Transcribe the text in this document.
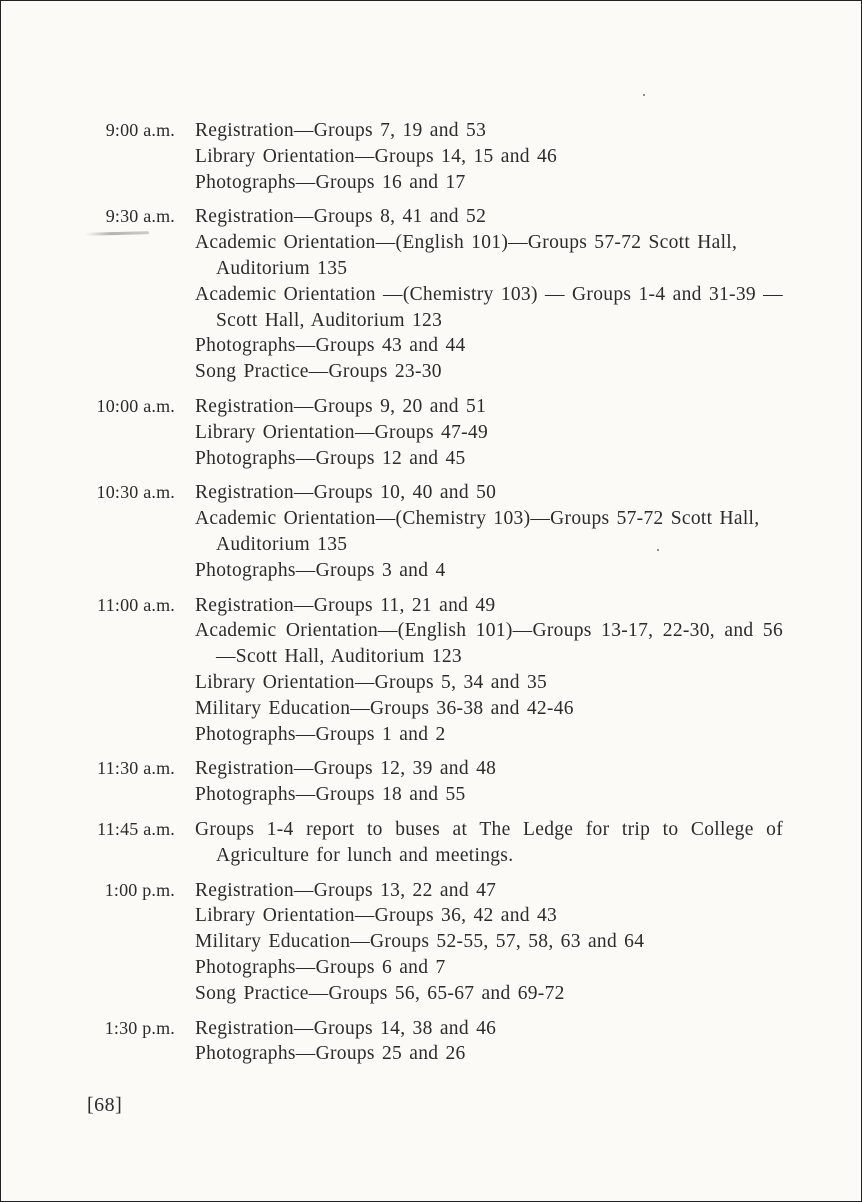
9:00 a.m. Registration—Groups 7, 19 and 53
Library Orientation—Groups 14, 15 and 46
Photographs—Groups 16 and 17
9:30 a.m. Registration—Groups 8, 41 and 52
Academic Orientation—(English 101)—Groups 57-72 Scott Hall, Auditorium 135
Academic Orientation —(Chemistry 103) — Groups 1-4 and 31-39 —Scott Hall, Auditorium 123
Photographs—Groups 43 and 44
Song Practice—Groups 23-30
10:00 a.m. Registration—Groups 9, 20 and 51
Library Orientation—Groups 47-49
Photographs—Groups 12 and 45
10:30 a.m. Registration—Groups 10, 40 and 50
Academic Orientation—(Chemistry 103)—Groups 57-72 Scott Hall, Auditorium 135
Photographs—Groups 3 and 4
11:00 a.m. Registration—Groups 11, 21 and 49
Academic Orientation—(English 101)—Groups 13-17, 22-30, and 56—Scott Hall, Auditorium 123
Library Orientation—Groups 5, 34 and 35
Military Education—Groups 36-38 and 42-46
Photographs—Groups 1 and 2
11:30 a.m. Registration—Groups 12, 39 and 48
Photographs—Groups 18 and 55
11:45 a.m. Groups 1-4 report to buses at The Ledge for trip to College of Agriculture for lunch and meetings.
1:00 p.m. Registration—Groups 13, 22 and 47
Library Orientation—Groups 36, 42 and 43
Military Education—Groups 52-55, 57, 58, 63 and 64
Photographs—Groups 6 and 7
Song Practice—Groups 56, 65-67 and 69-72
1:30 p.m. Registration—Groups 14, 38 and 46
Photographs—Groups 25 and 26
[68]
